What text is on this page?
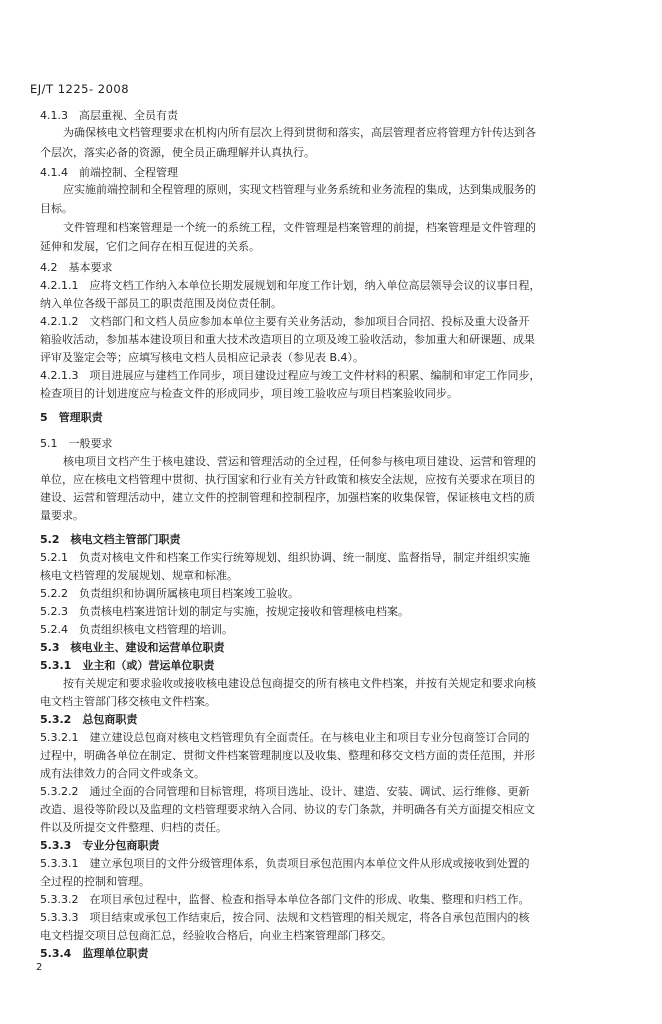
EJ/T 1225- 2008
4.1.3　高层重视、全员有责
为确保核电文档管理要求在机构内所有层次上得到贯彻和落实，高层管理者应将管理方针传达到各
个层次，落实必备的资源，使全员正确理解并认真执行。
4.1.4　前端控制、全程管理
应实施前端控制和全程管理的原则，实现文档管理与业务系统和业务流程的集成，达到集成服务的
目标。
文件管理和档案管理是一个统一的系统工程，文件管理是档案管理的前提，档案管理是文件管理的
延伸和发展，它们之间存在相互促进的关系。
4.2　基本要求
4.2.1.1　应将文档工作纳入本单位长期发展规划和年度工作计划，纳入单位高层领导会议的议事日程，
纳入单位各级干部员工的职责范围及岗位责任制。
4.2.1.2　文档部门和文档人员应参加本单位主要有关业务活动，参加项目合同招、投标及重大设备开
箱验收活动，参加基本建设项目和重大技术改造项目的立项及竣工验收活动，参加重大和研课题、成果
评审及鉴定会等；应填写核电文档人员相应记录表（参见表 B.4）。
4.2.1.3　项目进展应与建档工作同步，项目建设过程应与竣工文件材料的积累、编制和审定工作同步，
检查项目的计划进度应与检查文件的形成同步，项目竣工验收应与项目档案验收同步。
5　管理职责
5.1　一般要求
核电项目文档产生于核电建设、营运和管理活动的全过程，任何参与核电项目建设、运营和管理的
单位，应在核电文档管理中贯彻、执行国家和行业有关方针政策和核安全法规，应按有关要求在项目的
建设、运营和管理活动中，建立文件的控制管理和控制程序，加强档案的收集保管，保证核电文档的质
量要求。
5.2　核电文档主管部门职责
5.2.1　负责对核电文件和档案工作实行统筹规划、组织协调、统一制度、监督指导，制定并组织实施
核电文档管理的发展规划、规章和标准。
5.2.2　负责组织和协调所属核电项目档案竣工验收。
5.2.3　负责核电档案进馆计划的制定与实施，按规定接收和管理核电档案。
5.2.4　负责组织核电文档管理的培训。
5.3　核电业主、建设和运营单位职责
5.3.1　业主和（或）营运单位职责
按有关规定和要求验收或接收核电建设总包商提交的所有核电文件档案，并按有关规定和要求向核
电文档主管部门移交核电文件档案。
5.3.2　总包商职责
5.3.2.1　建立建设总包商对核电文档管理负有全面责任。在与核电业主和项目专业分包商签订合同的
过程中，明确各单位在制定、贯彻文件档案管理制度以及收集、整理和移交文档方面的责任范围，并形
成有法律效力的合同文件或条文。
5.3.2.2　通过全面的合同管理和目标管理，将项目选址、设计、建造、安装、调试、运行维修、更新
改造、退役等阶段以及监理的文档管理要求纳入合同、协议的专门条款，并明确各有关方面提交相应文
件以及所提交文件整理、归档的责任。
5.3.3　专业分包商职责
5.3.3.1　建立承包项目的文件分级管理体系，负责项目承包范围内本单位文件从形成或接收到处置的
全过程的控制和管理。
5.3.3.2　在项目承包过程中，监督、检查和指导本单位各部门文件的形成、收集、整理和归档工作。
5.3.3.3　项目结束或承包工作结束后，按合同、法规和文档管理的相关规定，将各自承包范围内的核
电文档提交项目总包商汇总，经验收合格后，向业主档案管理部门移交。
5.3.4　监理单位职责
2
